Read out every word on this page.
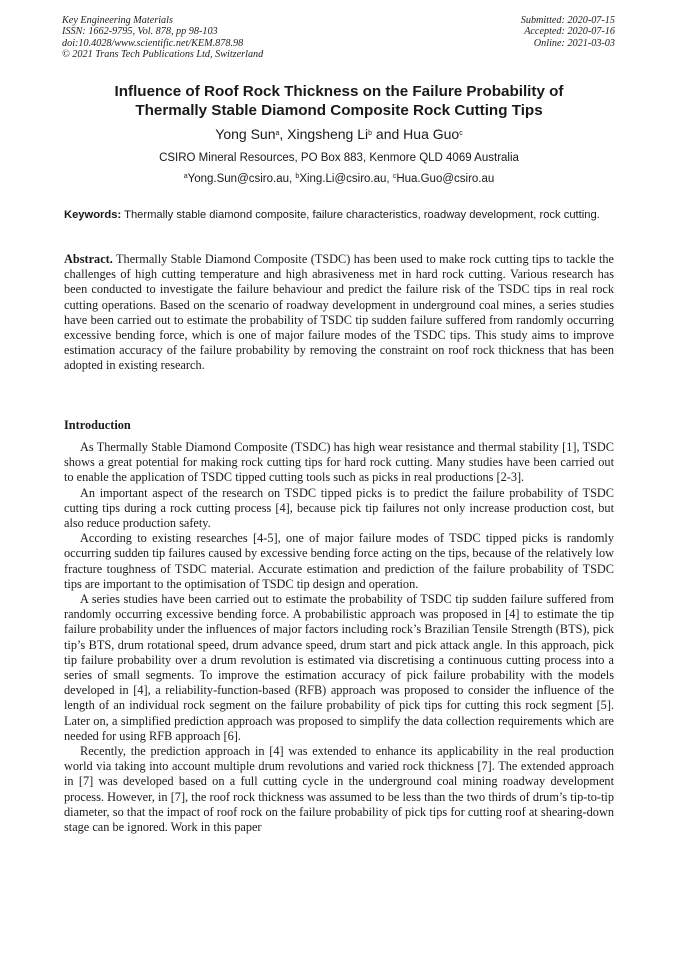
Key Engineering Materials
ISSN: 1662-9795, Vol. 878, pp 98-103
doi:10.4028/www.scientific.net/KEM.878.98
© 2021 Trans Tech Publications Ltd, Switzerland
Submitted: 2020-07-15
Accepted: 2020-07-16
Online: 2021-03-03
Influence of Roof Rock Thickness on the Failure Probability of
Thermally Stable Diamond Composite Rock Cutting Tips
Yong Sun$^a$, Xingsheng Li$^b$ and Hua Guo$^c$
CSIRO Mineral Resources, PO Box 883, Kenmore QLD 4069 Australia
$^a$Yong.Sun@csiro.au, $^b$Xing.Li@csiro.au, $^c$Hua.Guo@csiro.au
Keywords: Thermally stable diamond composite, failure characteristics, roadway development, rock cutting.
Abstract. Thermally Stable Diamond Composite (TSDC) has been used to make rock cutting tips to tackle the challenges of high cutting temperature and high abrasiveness met in hard rock cutting. Various research has been conducted to investigate the failure behaviour and predict the failure risk of the TSDC tips in real rock cutting operations. Based on the scenario of roadway development in underground coal mines, a series studies have been carried out to estimate the probability of TSDC tip sudden failure suffered from randomly occurring excessive bending force, which is one of major failure modes of the TSDC tips. This study aims to improve estimation accuracy of the failure probability by removing the constraint on roof rock thickness that has been adopted in existing research.
Introduction

As Thermally Stable Diamond Composite (TSDC) has high wear resistance and thermal stability [1], TSDC shows a great potential for making rock cutting tips for hard rock cutting. Many studies have been carried out to enable the application of TSDC tipped cutting tools such as picks in real productions [2-3].

An important aspect of the research on TSDC tipped picks is to predict the failure probability of TSDC cutting tips during a rock cutting process [4], because pick tip failures not only increase production cost, but also reduce production safety.

According to existing researches [4-5], one of major failure modes of TSDC tipped picks is randomly occurring sudden tip failures caused by excessive bending force acting on the tips, because of the relatively low fracture toughness of TSDC material. Accurate estimation and prediction of the failure probability of TSDC tips are important to the optimisation of TSDC tip design and operation.

A series studies have been carried out to estimate the probability of TSDC tip sudden failure suffered from randomly occurring excessive bending force. A probabilistic approach was proposed in [4] to estimate the tip failure probability under the influences of major factors including rock’s Brazilian Tensile Strength (BTS), pick tip’s BTS, drum rotational speed, drum advance speed, drum start and pick attack angle. In this approach, pick tip failure probability over a drum revolution is estimated via discretising a continuous cutting process into a series of small segments. To improve the estimation accuracy of pick failure probability with the models developed in [4], a reliability-function-based (RFB) approach was proposed to consider the influence of the length of an individual rock segment on the failure probability of pick tips for cutting this rock segment [5]. Later on, a simplified prediction approach was proposed to simplify the data collection requirements which are needed for using RFB approach [6].

Recently, the prediction approach in [4] was extended to enhance its applicability in the real production world via taking into account multiple drum revolutions and varied rock thickness [7]. The extended approach in [7] was developed based on a full cutting cycle in the underground coal mining roadway development process. However, in [7], the roof rock thickness was assumed to be less than the two thirds of drum’s tip-to-tip diameter, so that the impact of roof rock on the failure probability of pick tips for cutting roof at shearing-down stage can be ignored. Work in this paper
